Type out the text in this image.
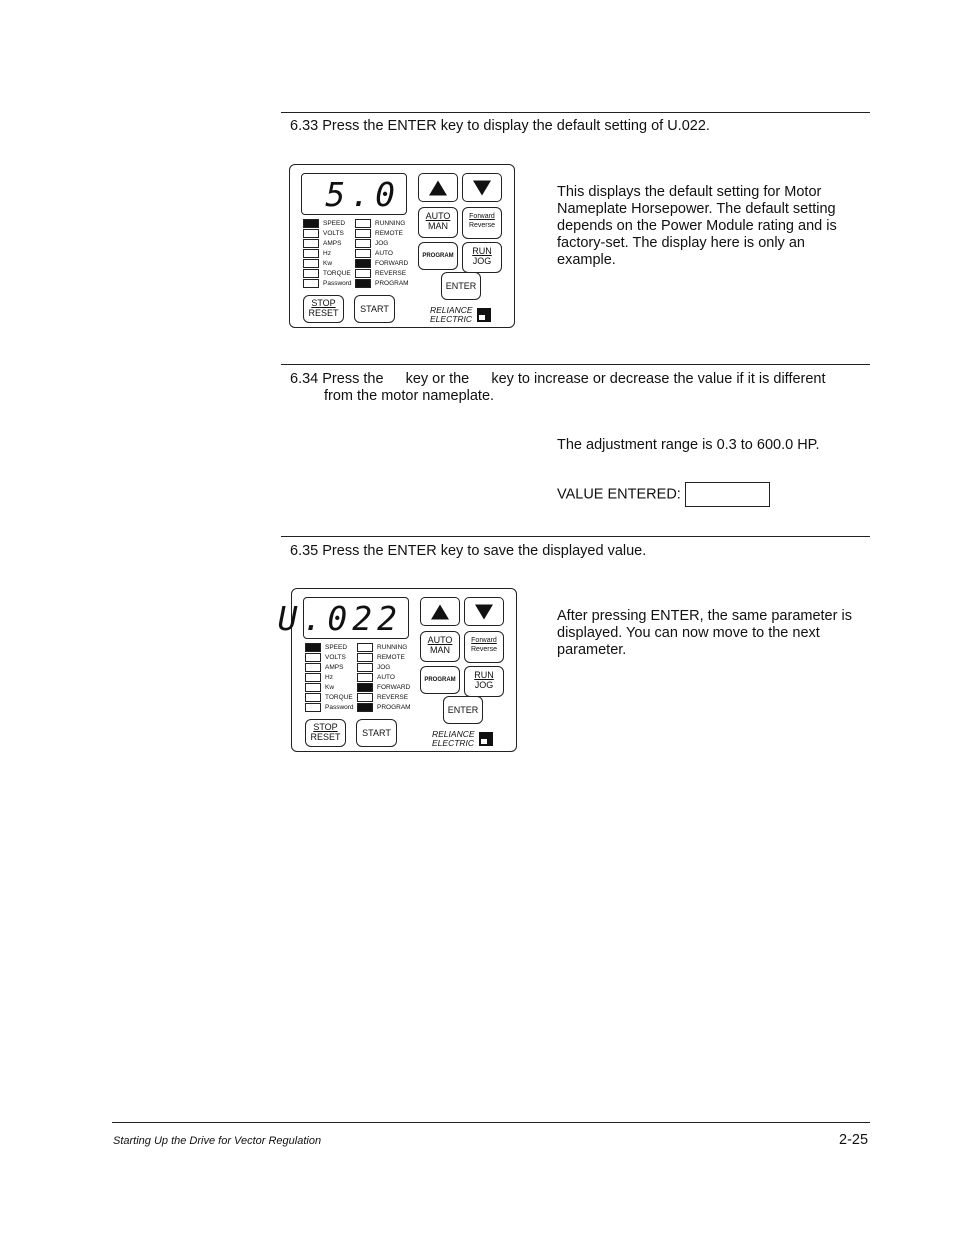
6.33 Press the ENTER key to display the default setting of U.022.
5.0
SPEED
VOLTS
AMPS
Hz
Kw
TORQUE
Password
RUNNING
REMOTE
JOG
AUTO
FORWARD
REVERSE
PROGRAM
AUTO
MAN
Forward
Reverse
PROGRAM	RUN
JOG
ENTER
STOP
RESET	START	RELIANCE
ELECTRIC
This displays the default setting for Motor Nameplate Horsepower. The default setting depends on the Power Module rating and is factory-set. The display here is only an example.
6.34 Press the key or the key to increase or decrease the value if it is different
from the motor nameplate.
The adjustment range is 0.3 to 600.0 HP.
VALUE ENTERED:
6.35 Press the ENTER key to save the displayed value.
U.022
SPEED
VOLTS
AMPS
Hz
Kw
TORQUE
Password
RUNNING
REMOTE
JOG
AUTO
FORWARD
REVERSE
PROGRAM
AUTO
MAN
Forward
Reverse
PROGRAM	RUN
JOG
ENTER
STOP
RESET	START	RELIANCE
ELECTRIC
After pressing ENTER, the same parameter is displayed. You can now move to the next parameter.
Starting Up the Drive for Vector Regulation	2-25
